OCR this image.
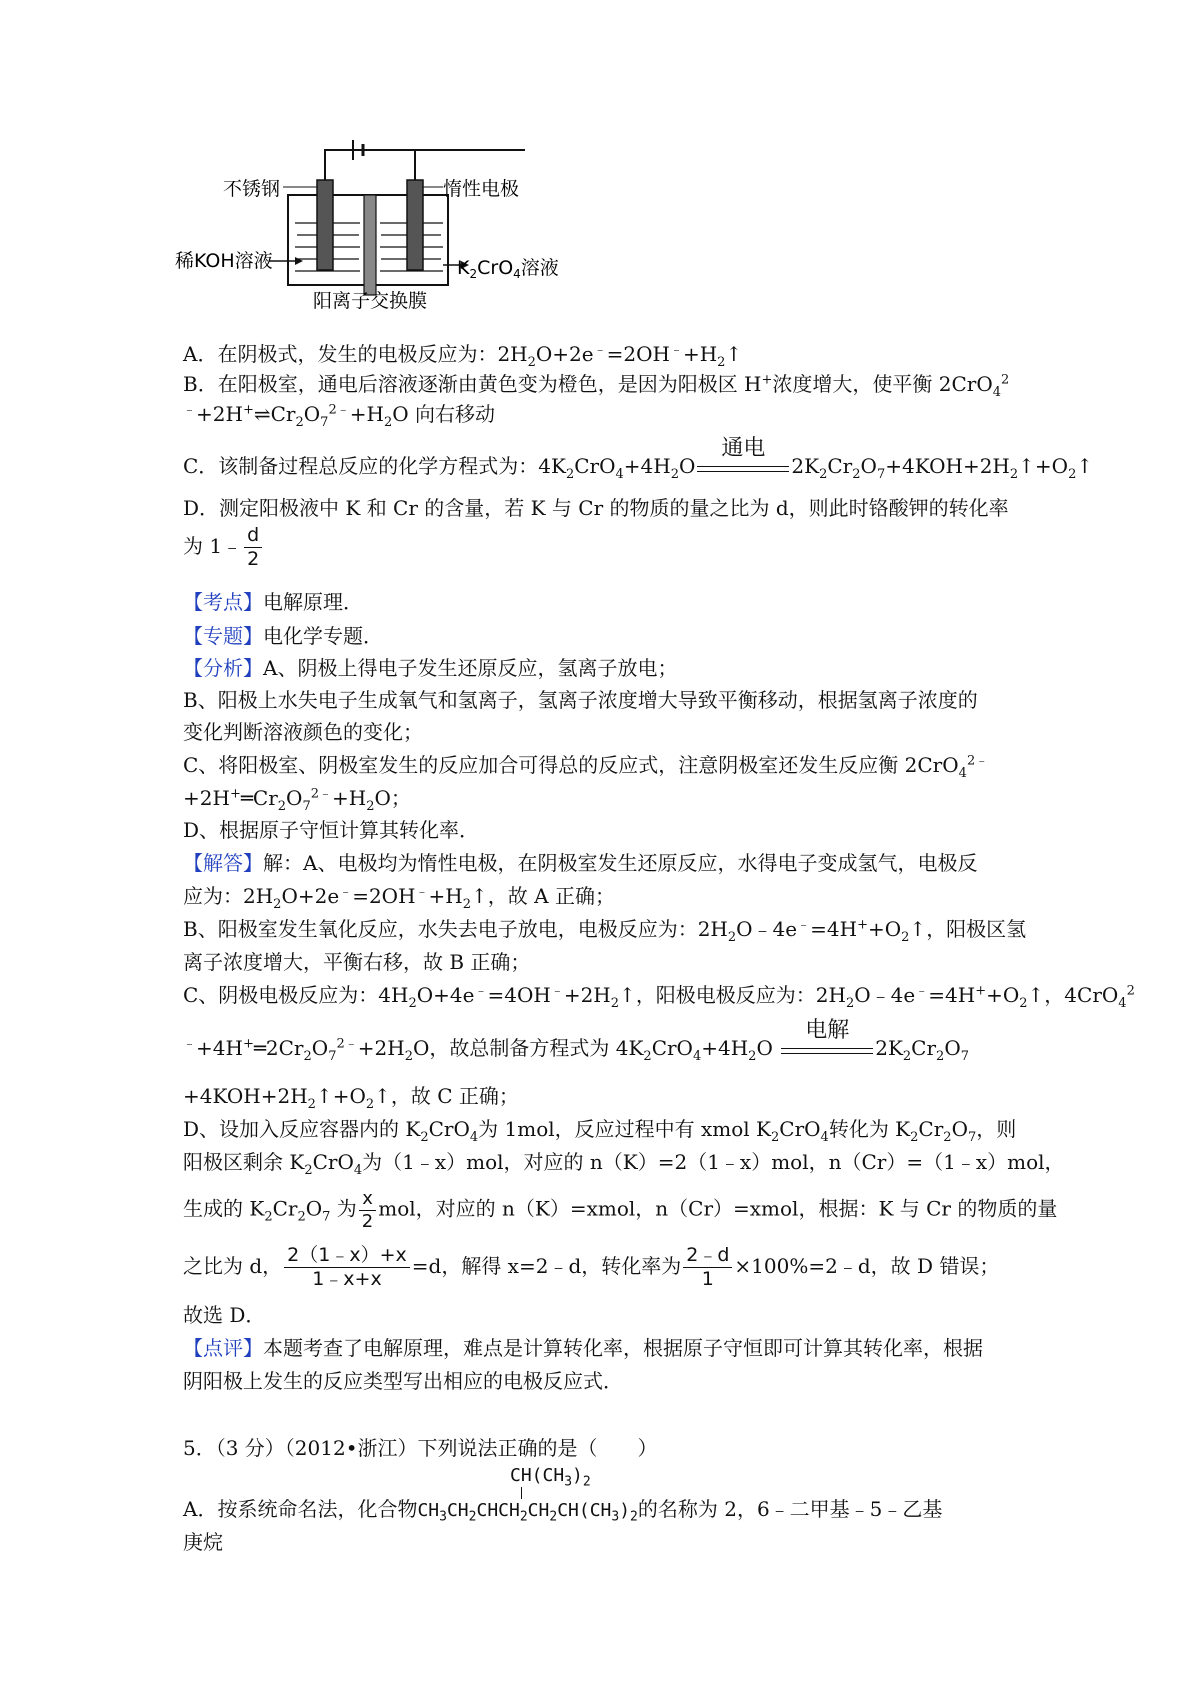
不锈钢	惰性电极
稀KOH溶液	$K_2CrO_4$溶液
阳离子交换膜
A．在阴极式，发生的电极反应为：$2H_2O+2e^﹣=2OH^﹣+H_2↑$
B．在阳极室，通电后溶液逐渐由黄色变为橙色，是因为阳极区 H+浓度增大，使平衡 2CrO$_4^2$
$^﹣+2H^+\rightleftharpoons Cr_2O_7^{2﹣}+H_2O$ 向右移动
C．该制备过程总反应的化学方程式为：$4K_2CrO_4+4H_2O$
通电
$2K_2Cr_2O_7+4KOH+2H_2↑+O_2↑$
D．测定阳极液中 K 和 Cr 的含量，若 K 与 Cr 的物质的量之比为 d，则此时铬酸钾的转化率
为 1﹣ $\frac{d}{2}$
【考点】电解原理．
【专题】电化学专题．
【分析】A、阴极上得电子发生还原反应，氢离子放电；
B、阳极上水失电子生成氧气和氢离子，氢离子浓度增大导致平衡移动，根据氢离子浓度的
变化判断溶液颜色的变化；
C、将阳极室、阴极室发生的反应加合可得总的反应式，注意阴极室还发生反应衡 2CrO$_4^{2﹣}$
$+2H^+═Cr_2O_7^{2﹣}+H_2O$；
D、根据原子守恒计算其转化率．
【解答】解：A、电极均为惰性电极，在阴极室发生还原反应，水得电子变成氢气，电极反
应为：$2H_2O+2e^﹣=2OH^﹣+H_2↑$，故 A 正确；
B、阳极室发生氧化反应，水失去电子放电，电极反应为：$2H_2O﹣4e^﹣=4H^++O_2↑$，阳极区氢
离子浓度增大，平衡右移，故 B 正确；
C、阴极电极反应为：$4H_2O+4e^﹣=4OH^﹣+2H_2↑$，阳极电极反应为：$2H_2O﹣4e^﹣=4H^++O_2↑$，4CrO$_4^2$
$^﹣+4H^+═2Cr_2O_7^{2﹣}+2H_2O$，故总制备方程式为 $4K_2CrO_4+4H_2O$
电解
$2K_2Cr_2O_7$
$+4KOH+2H_2↑+O_2↑$，故 C 正确；
D、设加入反应容器内的 $K_2CrO_4$为 1mol，反应过程中有 xmol $K_2CrO_4$转化为 $K_2Cr_2O_7$，则
阳极区剩余 $K_2CrO_4$为（1﹣x）mol，对应的 n（K）=2（1﹣x）mol，n（Cr）=（1﹣x）mol，
生成的 $K_2Cr_2O_7$ 为 $\frac{x}{2}$ mol，对应的 n（K）=xmol，n（Cr）=xmol，根据：K 与 Cr 的物质的量
之比为 d， $\frac{2(1﹣x)+x}{1﹣x+x} =d$，解得 x=2﹣d，转化率为 $\frac{2﹣d}{1}$ ×100%=2﹣d，故 D 错误；
故选 D．
【点评】本题考查了电解原理，难点是计算转化率，根据原子守恒即可计算其转化率，根据
阴阳极上发生的反应类型写出相应的电极反应式．
5．（3 分）（2012•浙江）下列说法正确的是（　　）
$CH(CH_3)_2$
A．按系统命名法，化合物$CH_3CH_2CHCH_2CH_2CH(CH_3)_2$的名称为 2，6﹣二甲基﹣5﹣乙基
庚烷
